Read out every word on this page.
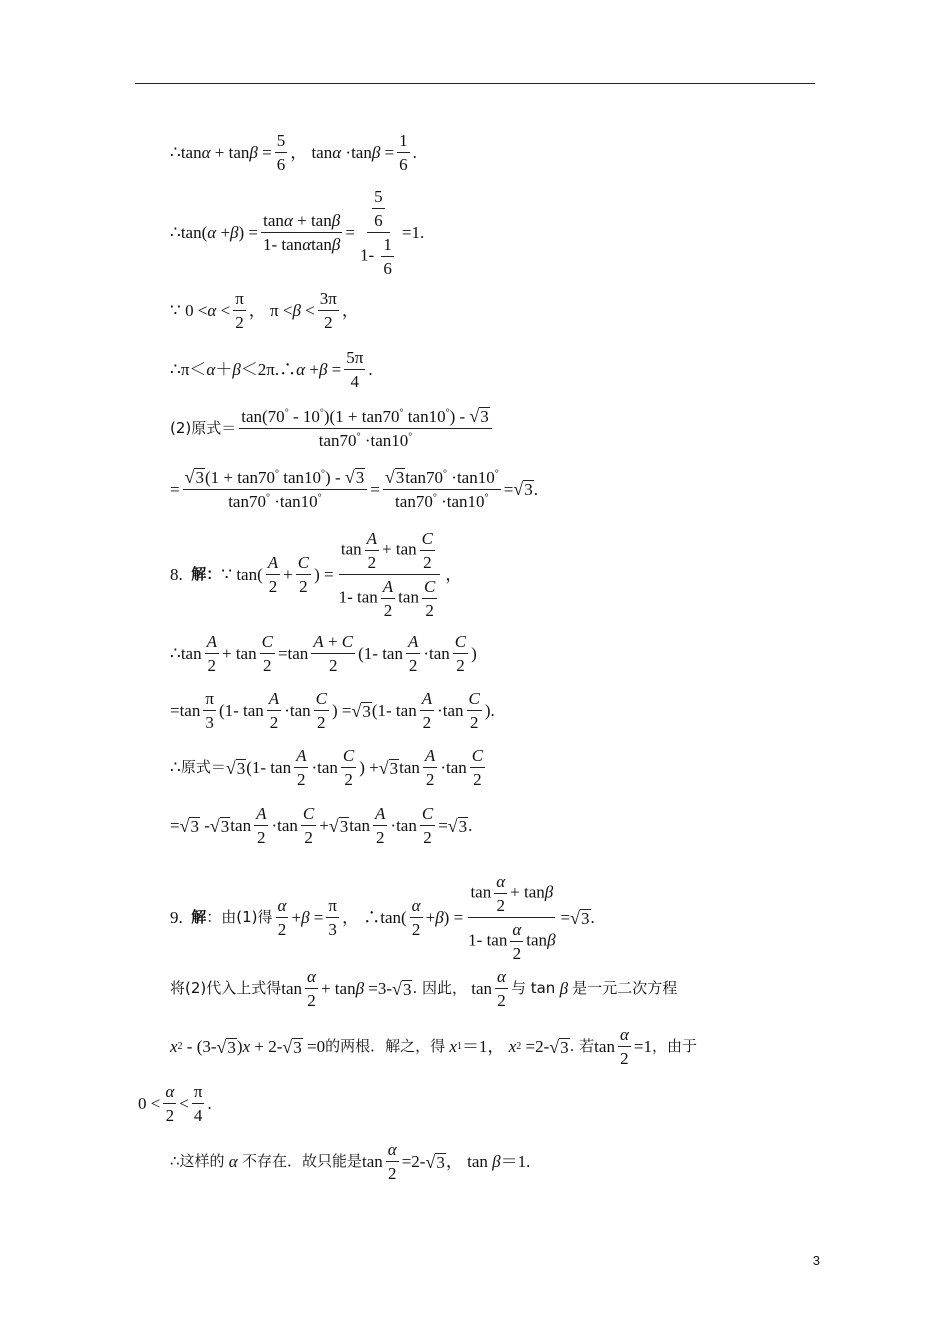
∴tan $\alpha + \tan \beta = \frac{5}{6}$ ， tan α ·tan $\beta = \frac{1}{6}$ .
∴tan( α + β ) = $\frac{\tan\alpha + \tan\beta}{1- \tan\alpha\tan\beta} = \frac{\frac{5}{6}}{1- \frac{1}{6}} =1$.
∵ $0 < \alpha < \frac{\pi}{2}$ ， $\pi < \beta < \frac{3\pi}{2}$ ，
∴π＜ α ＋ β ＜2π.∴ $\alpha + \beta = \frac{5\pi}{4}$ .
(2)原式＝ $\frac{\tan(70^\circ - 10^\circ)(1 + \tan 70^\circ \tan 10^\circ) - √ 3}{\tan 70^\circ \cdot\tan 10^\circ}$
= $\frac{√ 3 (1 + \tan 70^\circ \tan 10^\circ) - √ 3}{\tan 70^\circ \cdot\tan 10^\circ} = \frac{√ 3 \tan 70^\circ \cdot\tan 10^\circ}{\tan 70^\circ \cdot\tan 10^\circ}$ = √ 3 .
8.
解： ∵ $\tan( \frac{A}{2} + \frac{C}{2}$ ) = $\frac{\tan \frac{A}{2} + \tan \frac{C}{2}}{1- \tan \frac{A}{2} \tan \frac{C}{2}}$ ，
∴tan $\frac{A}{2} + \tan \frac{C}{2} =\tan \frac{A + C}{2} (1-$ $\tan \frac{A}{2} \cdot\tan \frac{C}{2}$ )
$=\tan \frac{\pi}{3} (1-$ $\tan \frac{A}{2} \cdot\tan \frac{C}{2}$ ) = √ 3 (1- $\tan \frac{A}{2} \cdot\tan \frac{C}{2}$ ).
∴ 原式＝ √ 3 (1- $\tan \frac{A}{2} \cdot\tan \frac{C}{2}$ ) + √ 3 $\tan \frac{A}{2} \cdot\tan \frac{C}{2}$
= √ 3 - √ 3 $\tan \frac{A}{2} \cdot\tan \frac{C}{2}$ + √ 3 $\tan \frac{A}{2} \cdot\tan \frac{C}{2}$ = √ 3 .
9.
解 ： 由(1)得 $\frac{\alpha}{2} + \beta = \frac{\pi}{3}$ ， ∴tan( $\frac{\alpha}{2} + \beta$ ) = $\frac{\tan \frac{\alpha}{2} + \tan\beta}{1- \tan \frac{\alpha}{2} \tan\beta}$ = √ 3 .
将(2)代入上式得 $\tan \frac{\alpha}{2} + \tan \beta =3-$ √ 3 . 因此， $\tan \frac{\alpha}{2}$ 与 tan
β
是一元二次方程
x 2 - (3- √ 3 ) x + 2- √ 3 =0 的两根．解之，得
x 1 ＝1， x 2 =2- √ 3 . 若 $\tan \frac{\alpha}{2} =1$ ，由于
$0 < \frac{\alpha}{2} < \frac{\pi}{4}$ .
∴这样的
α
不存在．故只能是 $\tan \frac{\alpha}{2} =2-$ √ 3 ， tan β ＝1.
3
